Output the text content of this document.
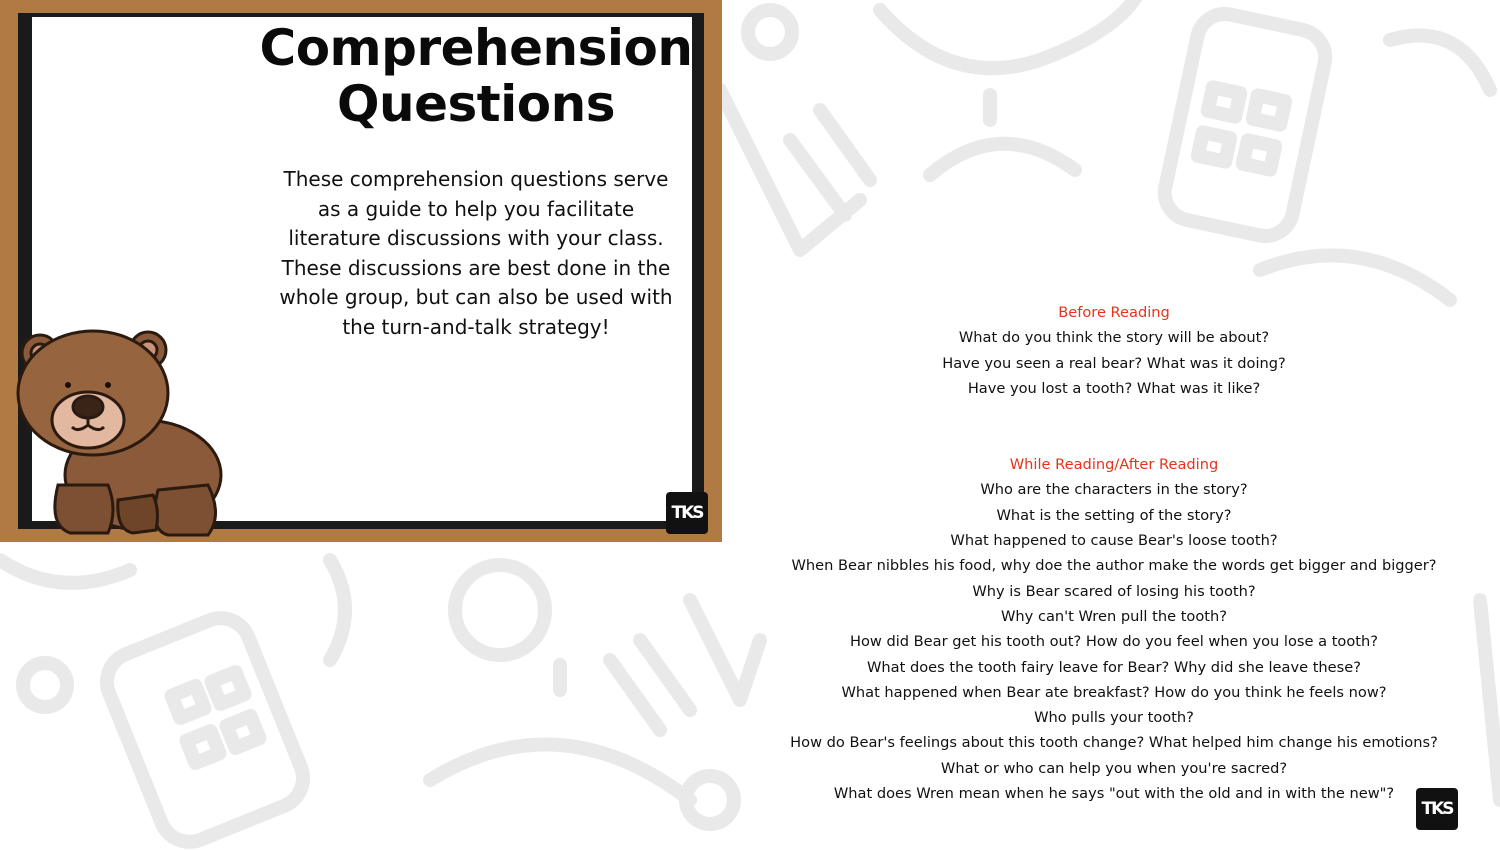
Comprehension
Questions
These comprehension questions serve as a guide to help you facilitate literature discussions with your class. These discussions are best done in the whole group, but can also be used with the turn-and-talk strategy!
TKS
Before Reading
What do you think the story will be about?
Have you seen a real bear? What was it doing?
Have you lost a tooth? What was it like?
While Reading/After Reading
Who are the characters in the story?
What is the setting of the story?
What happened to cause Bear's loose tooth?
When Bear nibbles his food, why doe the author make the words get bigger and bigger?
Why is Bear scared of losing his tooth?
Why can't Wren pull the tooth?
How did Bear get his tooth out? How do you feel when you lose a tooth?
What does the tooth fairy leave for Bear? Why did she leave these?
What happened when Bear ate breakfast? How do you think he feels now?
Who pulls your tooth?
How do Bear's feelings about this tooth change? What helped him change his emotions?
What or who can help you when you're sacred?
What does Wren mean when he says "out with the old and in with the new"?
TKS
